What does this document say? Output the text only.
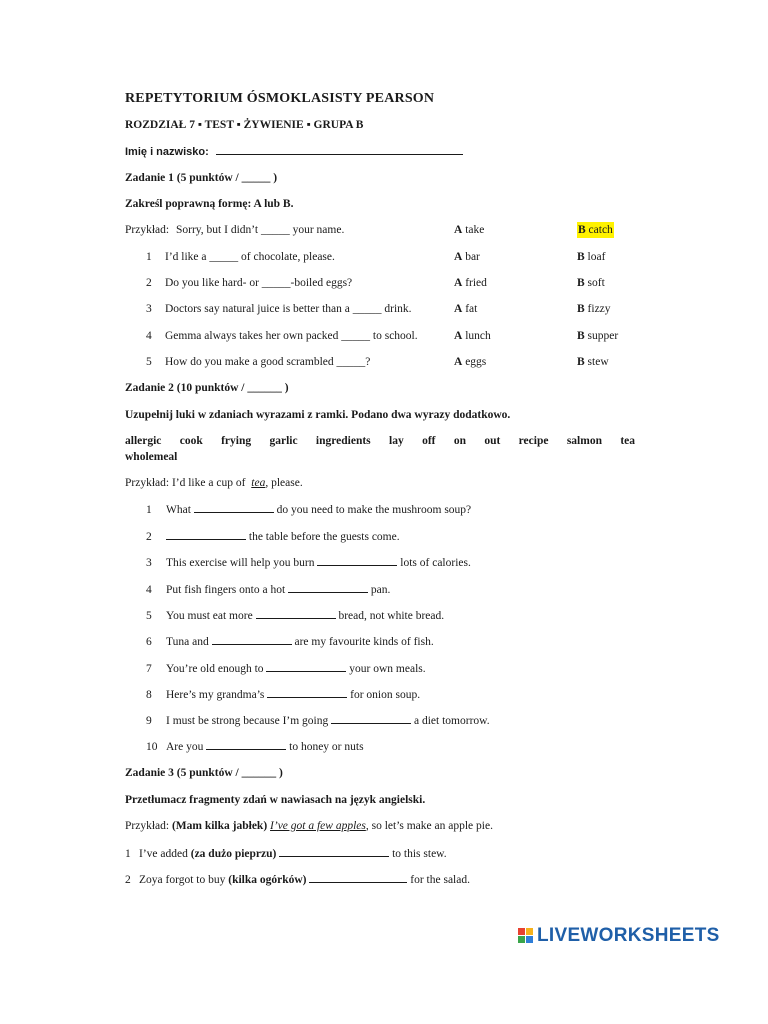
REPETYTORIUM ÓSMOKLASISTY PEARSON
ROZDZIAŁ 7 ▪ TEST ▪ ŻYWIENIE ▪ GRUPA B
Imię i nazwisko:
Zadanie 1 (5 punktów / _____ )
Zakreśl poprawną formę: A lub B.
Przykład: Sorry, but I didn’t _____ your name.	A take	B catch
1 I’d like a _____ of chocolate, please.	A bar	B loaf
2 Do you like hard- or _____-boiled eggs?	A fried	B soft
3 Doctors say natural juice is better than a _____ drink.	A fat	B fizzy
4 Gemma always takes her own packed _____ to school.	A lunch	B supper
5 How do you make a good scrambled _____?	A eggs	B stew
Zadanie 2 (10 punktów / ______ )
Uzupełnij luki w zdaniach wyrazami z ramki. Podano dwa wyrazy dodatkowo.
allergic cook frying garlic ingredients lay off on out recipe salmon tea
wholemeal
Przykład: I’d like a cup of tea, please.
1 What	do you need to make the mushroom soup?
2	the table before the guests come.
3 This exercise will help you burn	lots of calories.
4 Put fish fingers onto a hot	pan.
5 You must eat more	bread, not white bread.
6 Tuna and	are my favourite kinds of fish.
7 You’re old enough to	your own meals.
8 Here’s my grandma’s	for onion soup.
9 I must be strong because I’m going	a diet tomorrow.
10 Are you	to honey or nuts
Zadanie 3 (5 punktów / ______ )
Przetłumacz fragmenty zdań w nawiasach na język angielski.
Przykład: (Mam kilka jabłek) I’ve got a few apples, so let’s make an apple pie.
1 I’ve added (za dużo pieprzu)	to this stew.
2 Zoya forgot to buy (kilka ogórków)	for the salad.
LIVEWORKSHEETS
